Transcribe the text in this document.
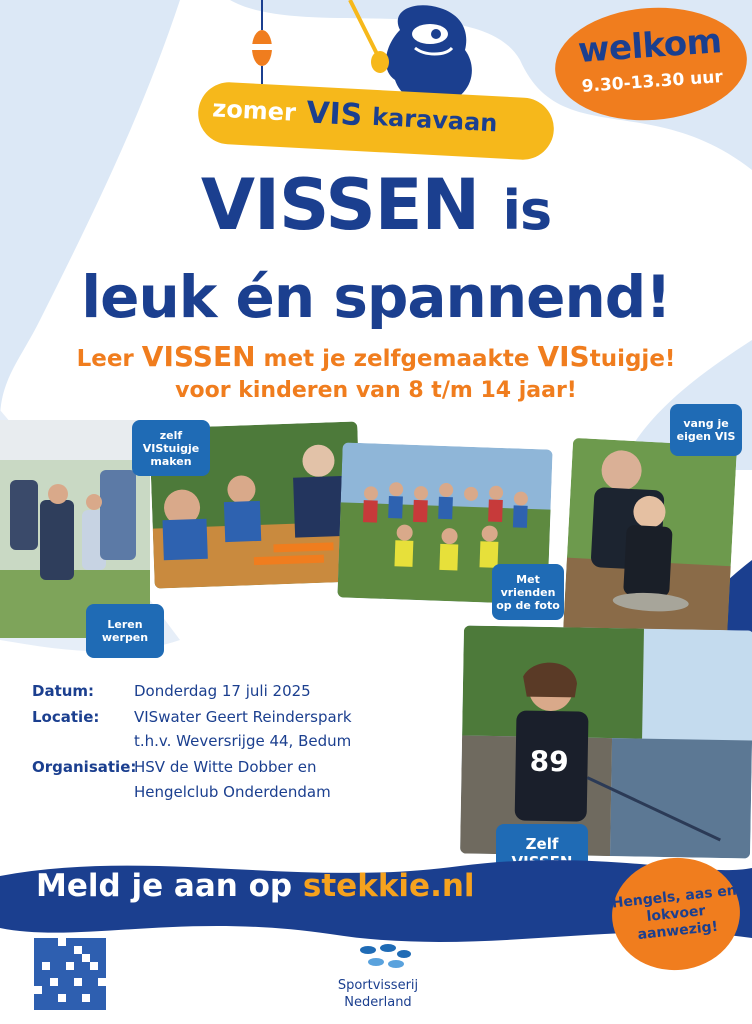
welkom
9.30-13.30 uur
zomer VIS karavaan
VISSEN is
leuk én spannend!
Leer VISSEN met je zelfgemaakte VIStuigje!
voor kinderen van 8 t/m 14 jaar!
89
zelf VIStuigje maken
Leren werpen
Met vrienden op de foto
vang je eigen VIS
Zelf
Datum:	Donderdag 17 juli 2025
Locatie: VISwater Geert Reinderspark
t.h.v. Weversrijge 44, Bedum
Organisatie:
HSV de Witte Dobber en
Hengelclub Onderdendam
Meld je aan op stekkie.nl	Hengels, aas en lokvoer aanwezig!
Sportvisserij
Nederland
